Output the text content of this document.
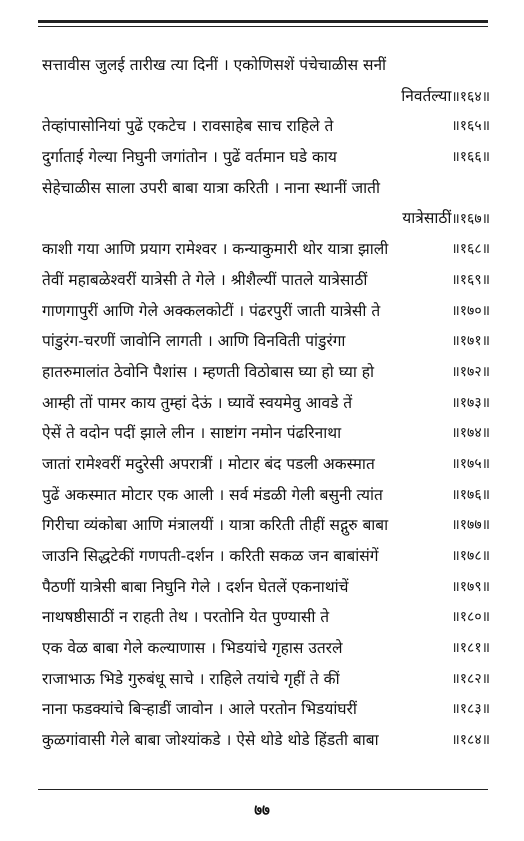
सत्तावीस जुलई तारीख त्या दिनीं । एकोणिसशें पंचेचाळीस सनीं
निवर्तल्या॥१६४॥
तेव्हांपासोनियां पुढें एकटेच । रावसाहेब साच राहिले ते	॥१६५॥
दुर्गाताई गेल्या निघुनी जगांतोन । पुढें वर्तमान घडे काय	॥१६६॥
सेहेचाळीस साला उपरी बाबा यात्रा करिती । नाना स्थानीं जाती
यात्रेसाठीं॥१६७॥
काशी गया आणि प्रयाग रामेश्वर । कन्याकुमारी थोर यात्रा झाली	॥१६८॥
तेवीं महाबळेश्वरीं यात्रेसी ते गेले । श्रीशैल्यीं पातले यात्रेसाठीं	॥१६९॥
गाणगापुरीं आणि गेले अक्कलकोटीं । पंढरपुरीं जाती यात्रेसी ते	॥१७०॥
पांडुरंग-चरणीं जावोनि लागती । आणि विनविती पांडुरंगा	॥१७१॥
हातरुमालांत ठेवोनि पैशांस । म्हणती विठोबास घ्या हो घ्या हो	॥१७२॥
आम्ही तों पामर काय तुम्हां देऊं । घ्यावें स्वयमेवु आवडे तें	॥१७३॥
ऐसें ते वदोन पदीं झाले लीन । साष्टांग नमोन पंढरिनाथा	॥१७४॥
जातां रामेश्वरीं मदुरेसी अपरात्रीं । मोटार बंद पडली अकस्मात	॥१७५॥
पुढें अकस्मात मोटार एक आली । सर्व मंडळी गेली बसुनी त्यांत	॥१७६॥
गिरीचा व्यंकोबा आणि मंत्रालयीं । यात्रा करिती तीहीं सद्गुरु बाबा	॥१७७॥
जाउनि सिद्धटेकीं गणपती-दर्शन । करिती सकळ जन बाबांसंगें	॥१७८॥
पैठणीं यात्रेसी बाबा निघुनि गेले । दर्शन घेतलें एकनाथांचें	॥१७९॥
नाथषष्ठीसाठीं न राहती तेथ । परतोनि येत पुण्यासी ते	॥१८०॥
एक वेळ बाबा गेले कल्याणास । भिडयांचे गृहास उतरले	॥१८१॥
राजाभाऊ भिडे गुरुबंधू साचे । राहिले तयांचे गृहीं ते कीं	॥१८२॥
नाना फडक्यांचे बिऱ्हाडीं जावोन । आले परतोन भिडयांघरीं	॥१८३॥
कुळगांवासी गेले बाबा जोश्यांकडे । ऐसे थोडे थोडे हिंडती बाबा	॥१८४॥
७७
